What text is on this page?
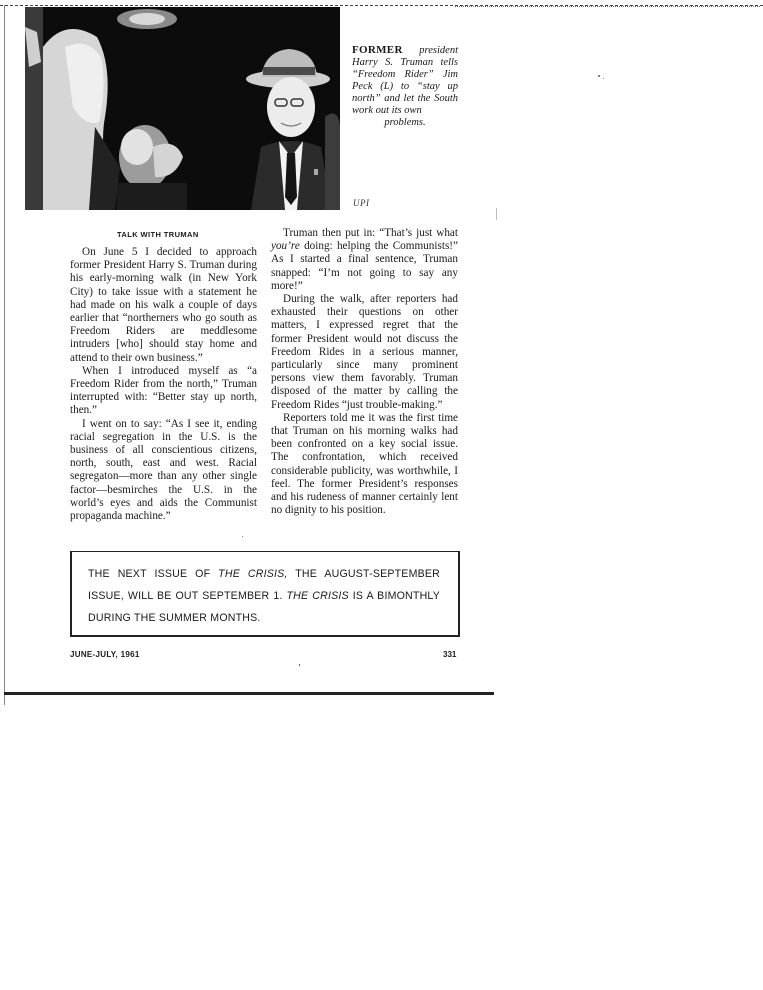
FORMER president Harry S. Truman tells “Freedom Rider” Jim Peck (L) to “stay up north” and let the South work out its own
problems.
UPI
TALK WITH TRUMAN

On June 5 I decided to approach former President Harry S. Truman during his early-morning walk (in New York City) to take issue with a statement he had made on his walk a couple of days earlier that “northerners who go south as Freedom Riders are meddlesome intruders [who] should stay home and attend to their own business.”

When I introduced myself as “a Freedom Rider from the north,” Truman interrupted with: “Better stay up north, then.”

I went on to say: “As I see it, ending racial segregation in the U.S. is the business of all conscientious citizens, north, south, east and west. Racial segregaton—more than any other single factor—besmirches the U.S. in the world’s eyes and aids the Communist propaganda machine.”

Truman then put in: “That’s just what you’re doing: helping the Communists!” As I started a final sentence, Truman snapped: “I’m not going to say any more!”

During the walk, after reporters had exhausted their questions on other matters, I expressed regret that the former President would not discuss the Freedom Rides in a serious manner, particularly since many prominent persons view them favorably. Truman disposed of the matter by calling the Freedom Rides “just trouble-making.”

Reporters told me it was the first time that Truman on his morning walks had been confronted on a key social issue. The confrontation, which received considerable publicity, was worthwhile, I feel. The former President’s responses and his rudeness of manner certainly lent no dignity to his position.

THE NEXT ISSUE OF THE CRISIS, THE AUGUST-SEPTEMBER ISSUE, WILL BE OUT SEPTEMBER 1. THE CRISIS IS A BIMONTHLY DURING THE SUMMER MONTHS.
JUNE-JULY, 1961	331
